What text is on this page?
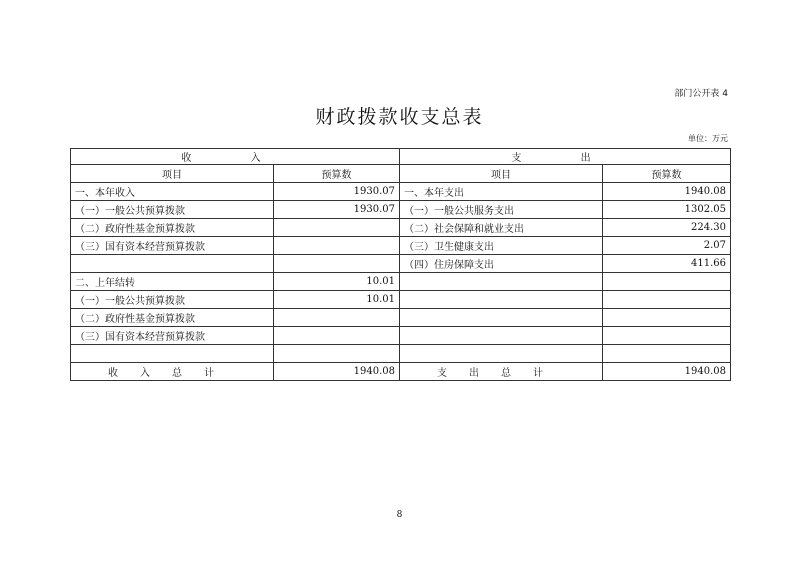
部门公开表 4
财政拨款收支总表
单位：万元
收 入		支 出	
项目	预算数	项目	预算数
一、本年收入	1930.07	一、本年支出	1940.08
（一）一般公共预算拨款	1930.07	（一）一般公共服务支出	1302.05
（二）政府性基金预算拨款		（二）社会保障和就业支出	224.30
（三）国有资本经营预算拨款		（三）卫生健康支出	2.07
		（四）住房保障支出	411.66
二、上年结转	10.01		
（一）一般公共预算拨款	10.01		
（二）政府性基金预算拨款			
（三）国有资本经营预算拨款			

收入总计	1940.08	支出总计	1940.08
8
